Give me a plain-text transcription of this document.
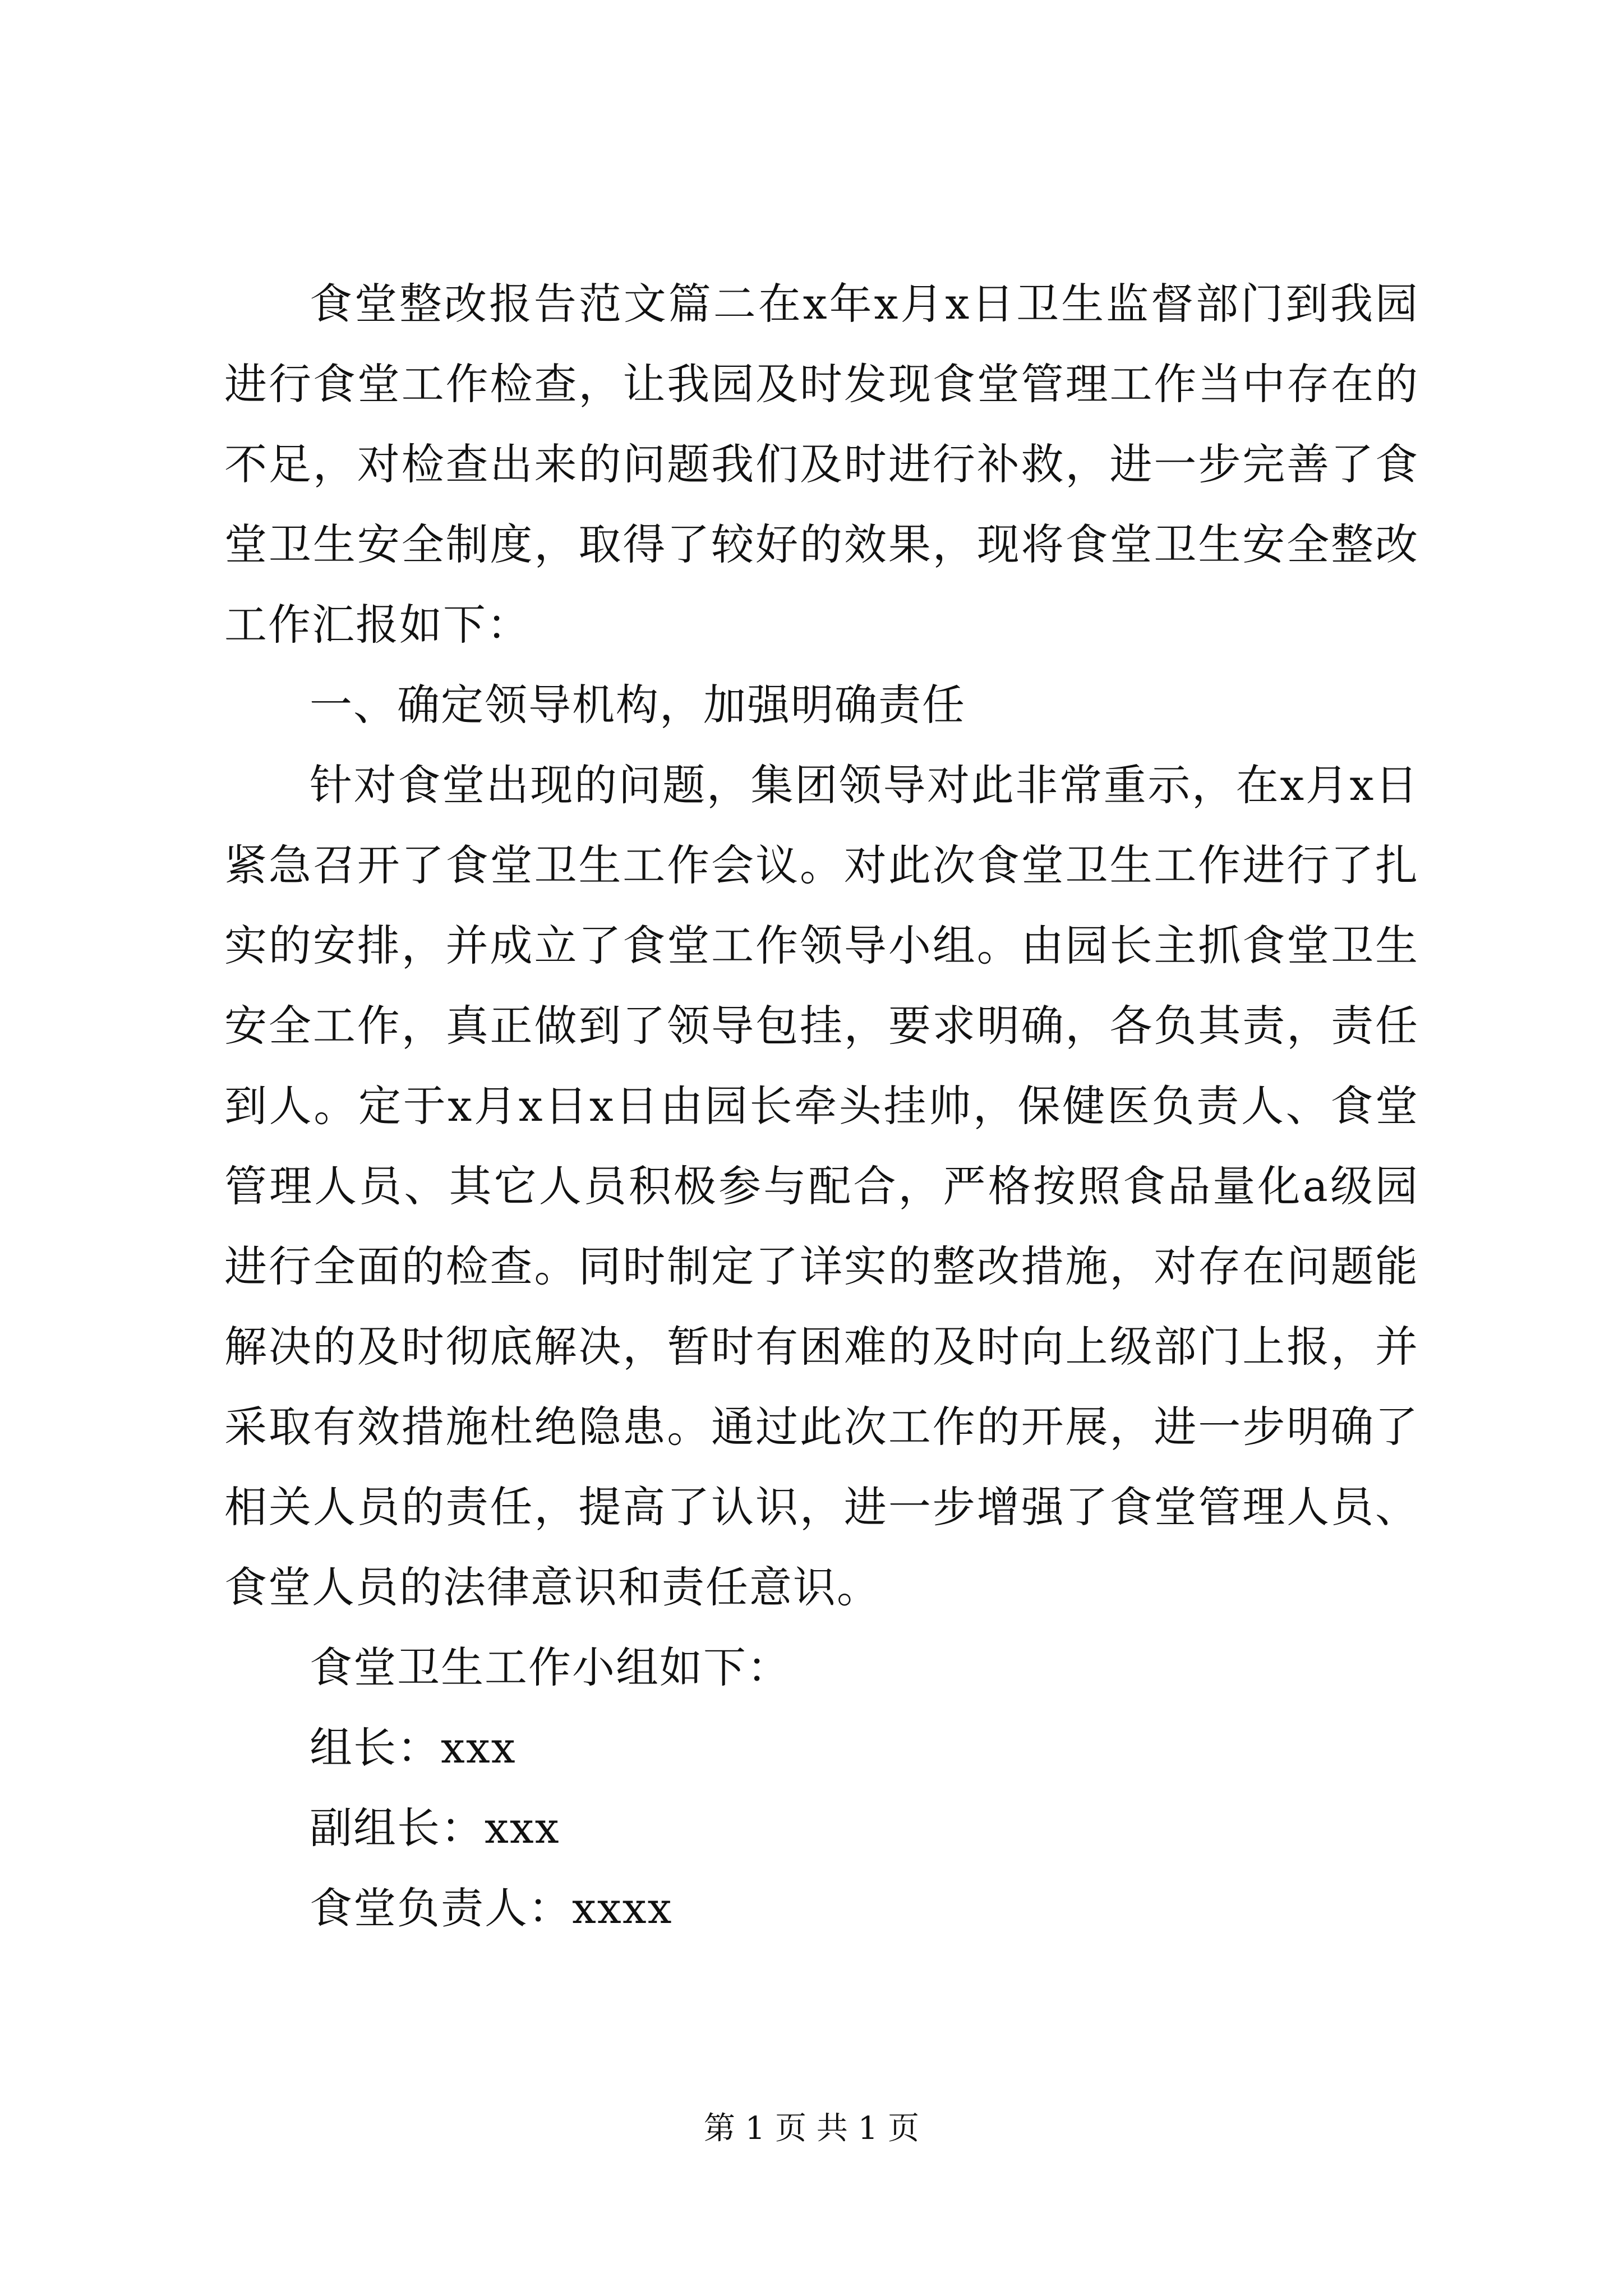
食堂整改报告范文篇二在x年x月x日卫生监督部门到我园进行食堂工作检查，让我园及时发现食堂管理工作当中存在的不足，对检查出来的问题我们及时进行补救，进一步完善了食堂卫生安全制度，取得了较好的效果，现将食堂卫生安全整改工作汇报如下：

一、确定领导机构，加强明确责任

针对食堂出现的问题，集团领导对此非常重示，在x月x日紧急召开了食堂卫生工作会议。对此次食堂卫生工作进行了扎实的安排，并成立了食堂工作领导小组。由园长主抓食堂卫生安全工作，真正做到了领导包挂，要求明确，各负其责，责任到人。定于x月x日x日由园长牵头挂帅，保健医负责人、食堂管理人员、其它人员积极参与配合，严格按照食品量化a级园进行全面的检查。同时制定了详实的整改措施，对存在问题能解决的及时彻底解决，暂时有困难的及时向上级部门上报，并采取有效措施杜绝隐患。通过此次工作的开展，进一步明确了相关人员的责任，提高了认识，进一步增强了食堂管理人员、食堂人员的法律意识和责任意识。

食堂卫生工作小组如下：

组长：xxx

副组长：xxx

食堂负责人：xxxx

第 1 页 共 1 页
